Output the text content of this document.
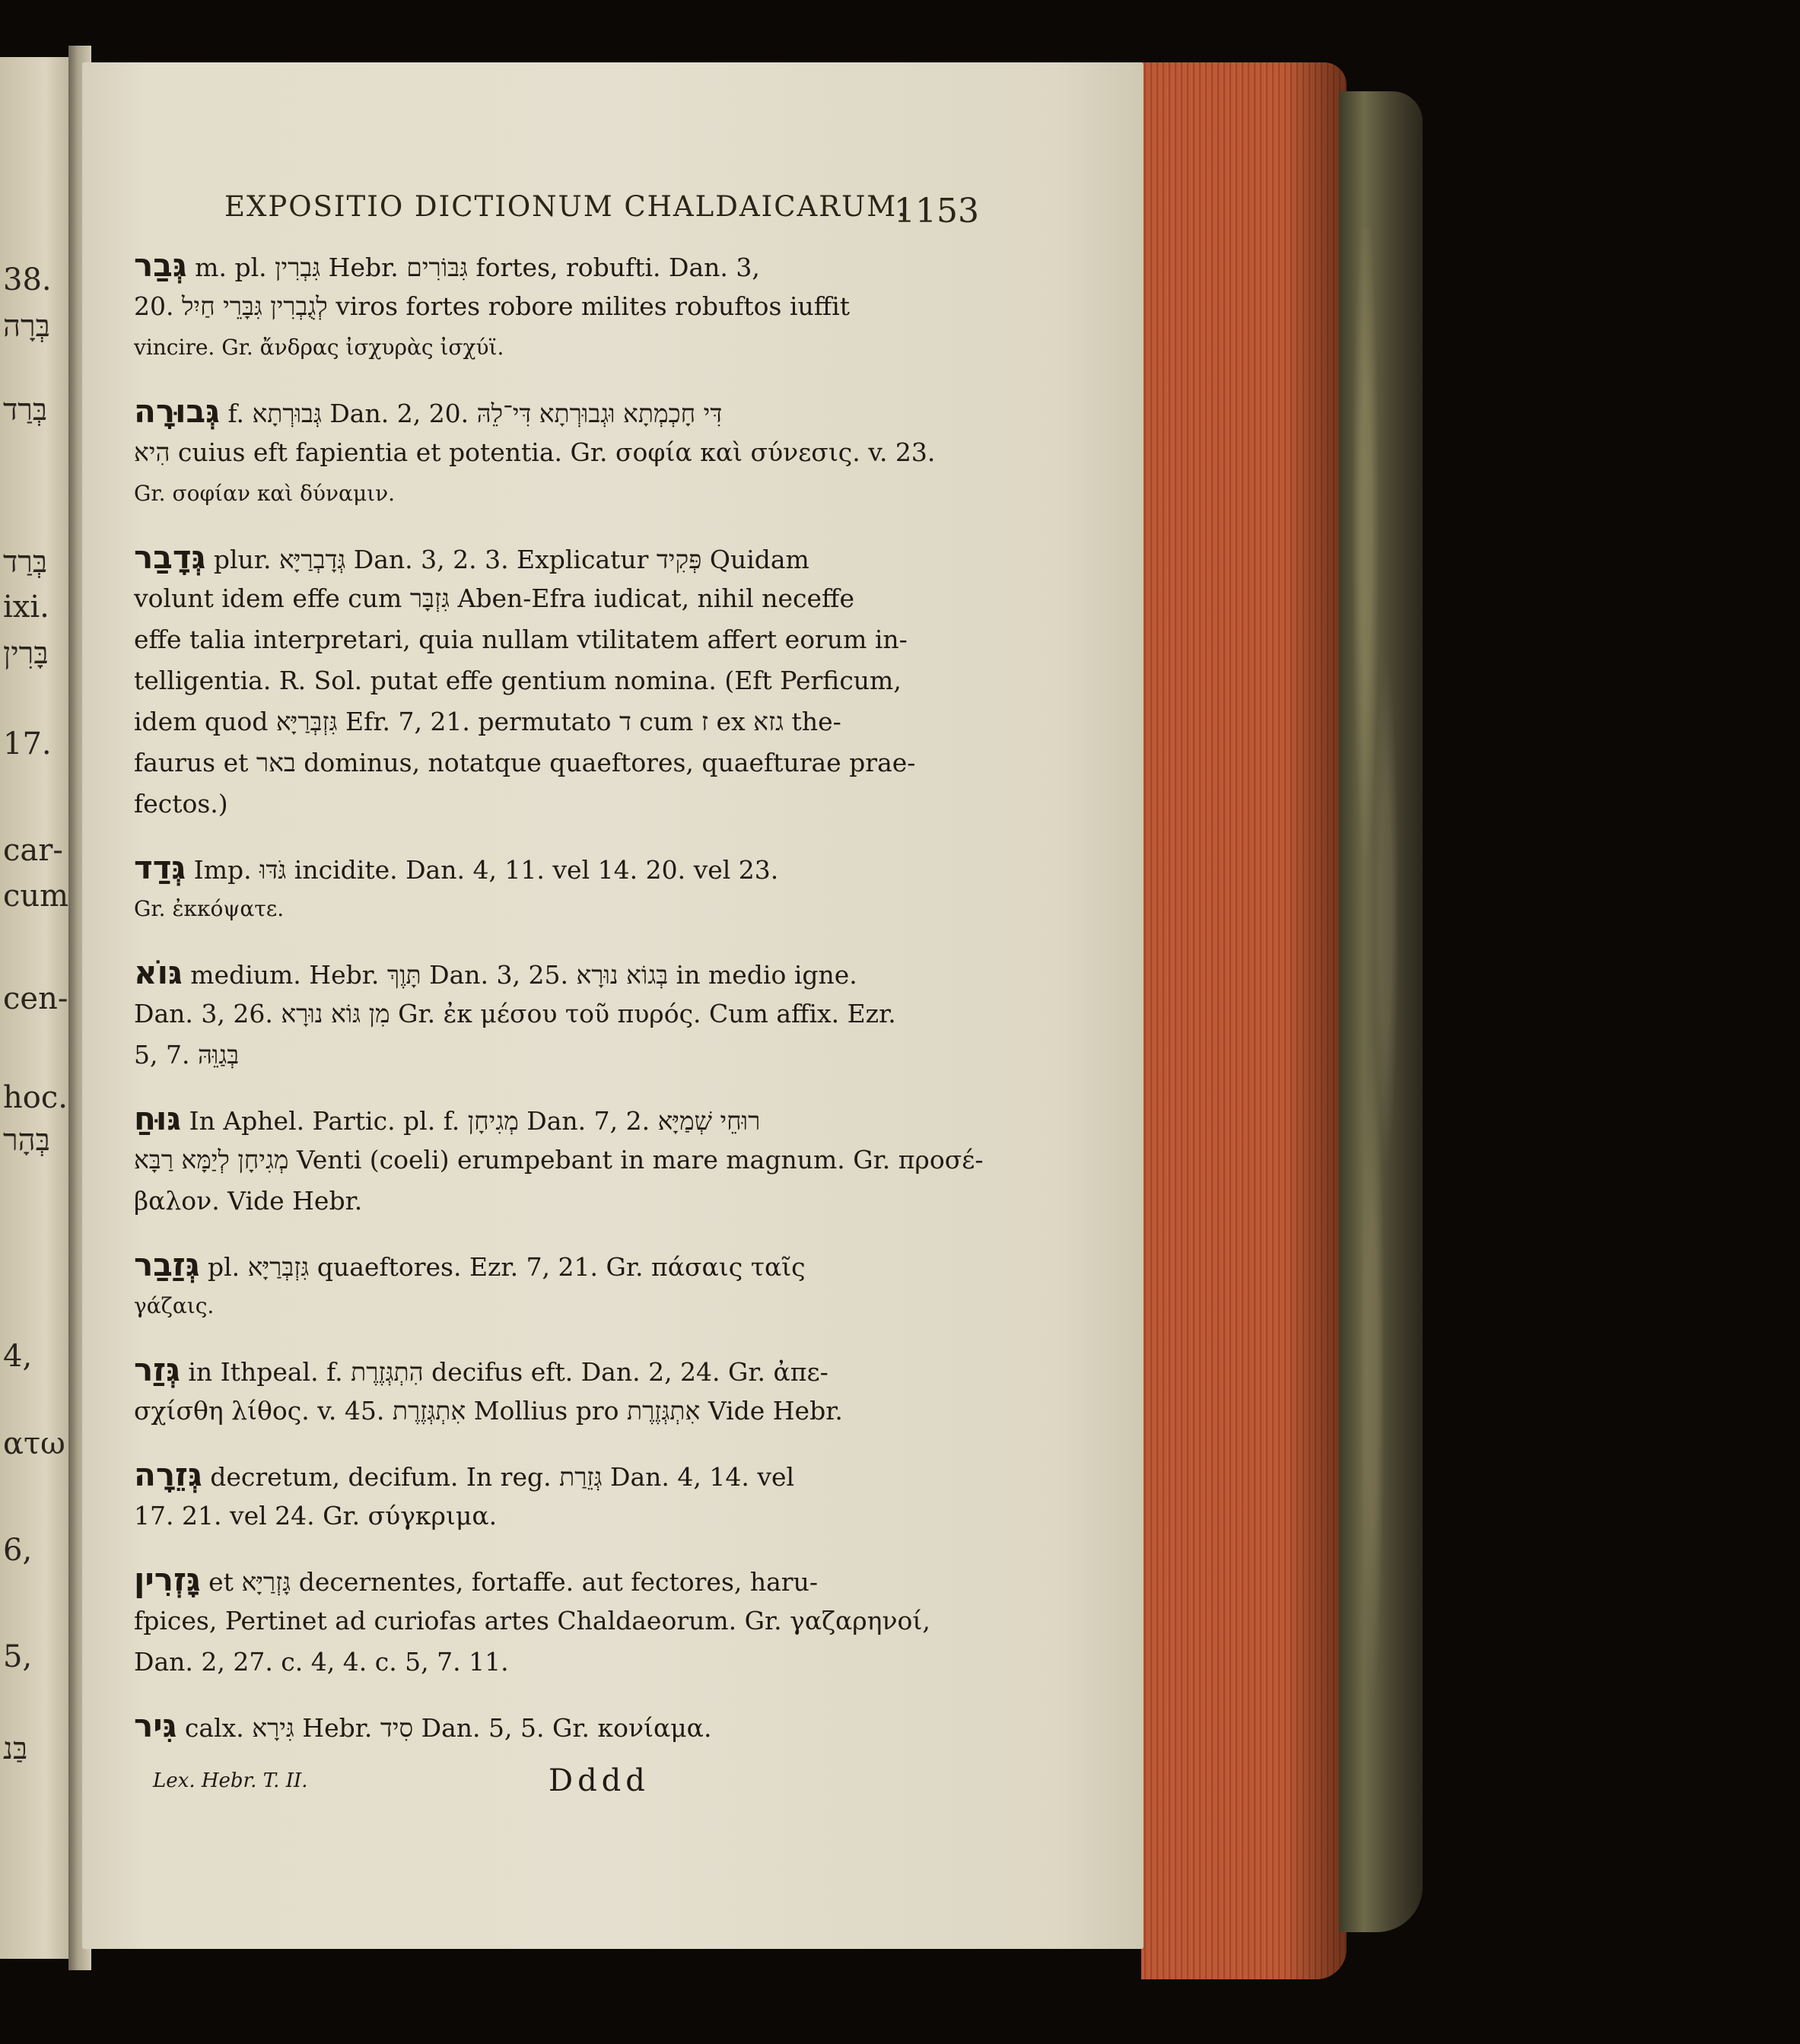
38.
בְּרָה
בְּרַד
בְּרַד
ixi.
בָּרִין
17.
car-
cum
cen-
hoc.
בְּהָר
4,
ατω
6,
5,
בַּנ
EXPOSITIO DICTIONUM CHALDAICARUM.
1153
גְּבַר m. pl. גִּבְרִין Hebr. גִּבּוֹרִים fortes, robufti. Dan. 3,
20. לְגֻבְרִין גִּבָּרֵי חַיִל viros fortes robore milites robuftos iuffit
vincire. Gr. ἄνδρας ἰσχυρὰς ἰσχύϊ.
גְּבוּרָה f. גְּבוּרְתָא Dan. 2, 20. דִּי חָכְמְתָא וּגְבוּרְתָא דִּי־לֵהּ
הִיא cuius eft fapientia et potentia. Gr. σοφία καὶ σύνεσις. v. 23.
Gr. σοφίαν καὶ δύναμιν.
גְּדָבַר plur. גְּדָבְרַיָּא Dan. 3, 2. 3. Explicatur פְּקִיד Quidam
volunt idem effe cum גִּזְבָּר Aben-Efra iudicat, nihil neceffe
effe talia interpretari, quia nullam vtilitatem affert eorum in-
telligentia. R. Sol. putat effe gentium nomina. (Eft Perficum,
idem quod גִּזְבְּרַיָּא Efr. 7, 21. permutato ד cum ז ex גזא the-
faurus et באר dominus, notatque quaeftores, quaefturae prae-
fectos.)
גְּדַד Imp. גֹּדּוּ incidite. Dan. 4, 11. vel 14. 20. vel 23.
Gr. ἐκκόψατε.
גּוֹא medium. Hebr. תָּוֶךְ Dan. 3, 25. בְּגוֹא נוּרָא in medio igne.
Dan. 3, 26. מִן גּוֹא נוּרָא Gr. ἐκ μέσου τοῦ πυρός. Cum affix. Ezr.
5, 7. בְּגַוֵּהּ
גּוּחַ In Aphel. Partic. pl. f. מְגִיחָן Dan. 7, 2. רוּחֵי שְׁמַיָּא
מְגִיחָן לְיַמָּא רַבָּא Venti (coeli) erumpebant in mare magnum. Gr. προσέ-
βαλον. Vide Hebr.
גְּזַבַר pl. גִּזְבְּרַיָּא quaeftores. Ezr. 7, 21. Gr. πάσαις ταῖς
γάζαις.
גְּזַר in Ithpeal. f. הִתְגְּזֶרֶת decifus eft. Dan. 2, 24. Gr. ἀπε-
σχίσθη λίθος. v. 45. אִתְגְּזֶרֶת Mollius pro אִתְגְּזֶרֶת Vide Hebr.
גְּזֵרָה decretum, decifum. In reg. גְּזֵרַת Dan. 4, 14. vel
17. 21. vel 24. Gr. σύγκριμα.
גָּזְרִין et גָּזְרַיָּא decernentes, fortaffe. aut fectores, haru-
fpices, Pertinet ad curiofas artes Chaldaeorum. Gr. γαζαρηνοί,
Dan. 2, 27. c. 4, 4. c. 5, 7. 11.
גִּיר calx. גִּירָא Hebr. סִיד Dan. 5, 5. Gr. κονίαμα.
Lex. Hebr. T. II.	Dddd
